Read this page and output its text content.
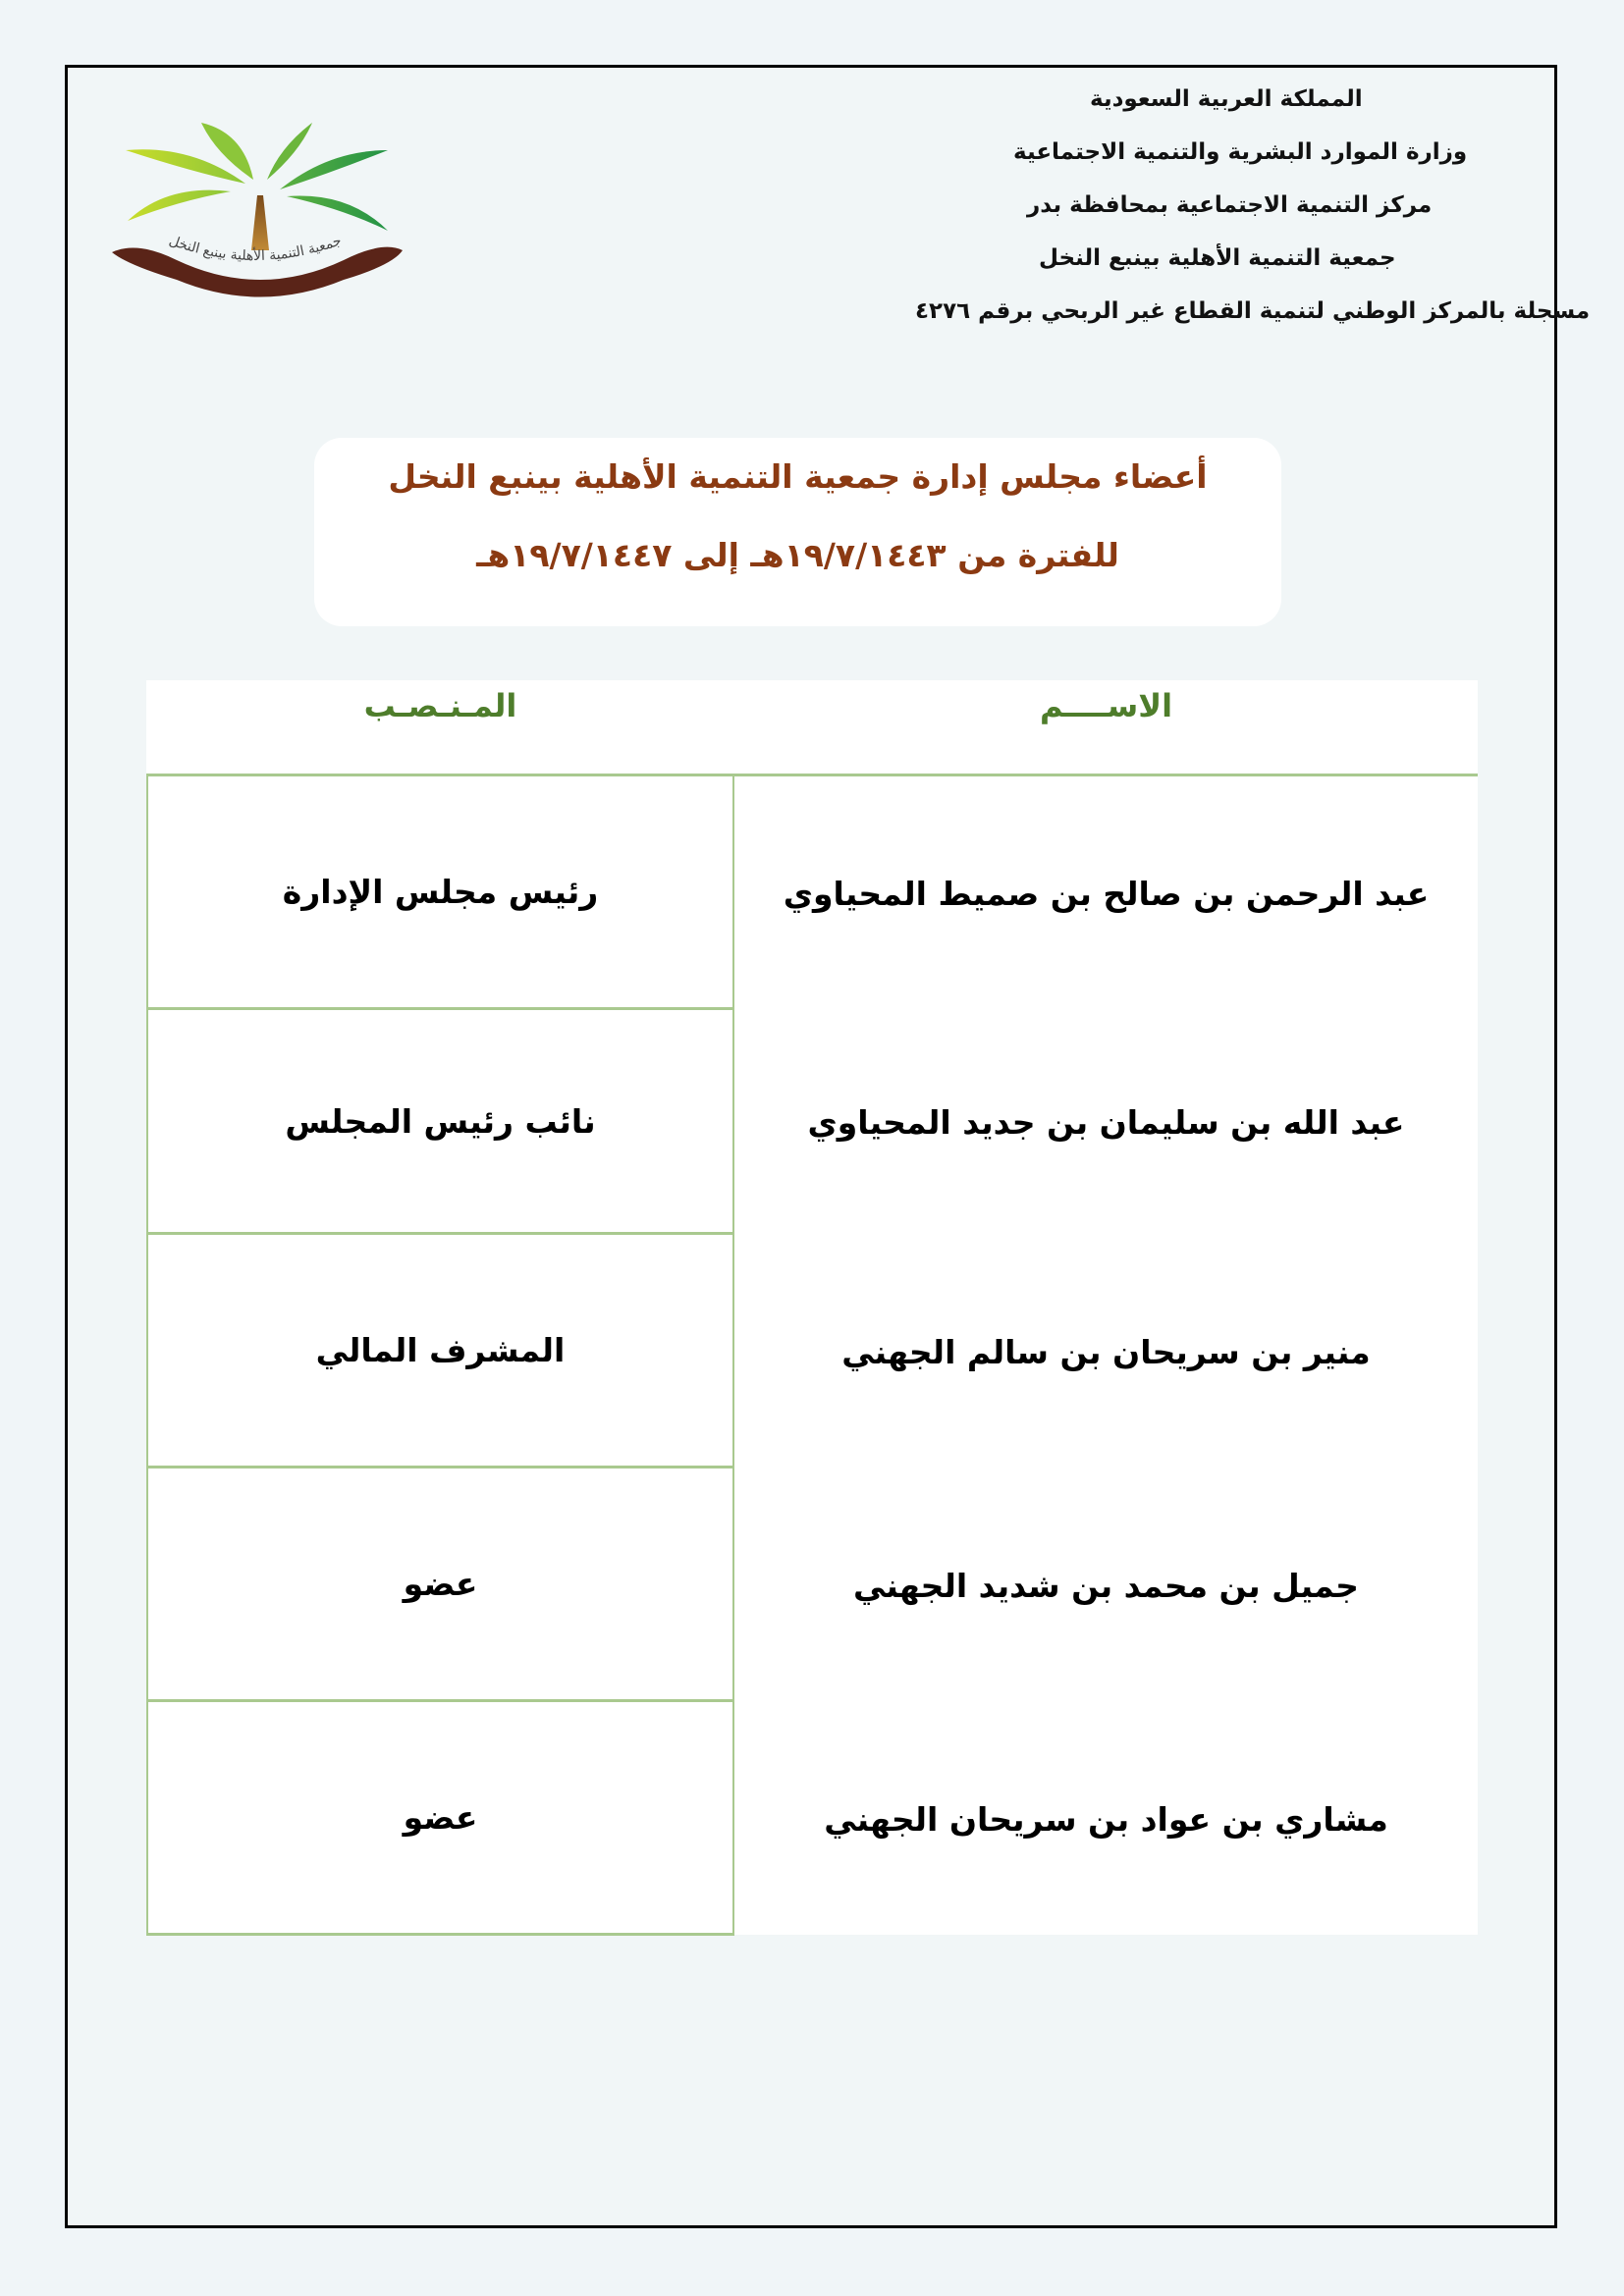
جمعية التنمية الأهلية بينبع النخل
المملكة العربية السعودية
وزارة الموارد البشرية والتنمية الاجتماعية
مركز التنمية الاجتماعية بمحافظة بدر
جمعية التنمية الأهلية بينبع النخل
مسجلة بالمركز الوطني لتنمية القطاع غير الربحي برقم ٤٢٧٦
أعضاء مجلس إدارة جمعية التنمية الأهلية بينبع النخل
للفترة من ١٩/٧/١٤٤٣هـ إلى ١٩/٧/١٤٤٧هـ
المـنـصـب	الاســــم
رئيس مجلس الإدارة	عبد الرحمن بن صالح بن صميط المحياوي
نائب رئيس المجلس	عبد الله بن سليمان بن جديد المحياوي
المشرف المالي	منير بن سريحان بن سالم الجهني
عضو	جميل بن محمد بن شديد الجهني
عضو	مشاري بن عواد بن سريحان الجهني
